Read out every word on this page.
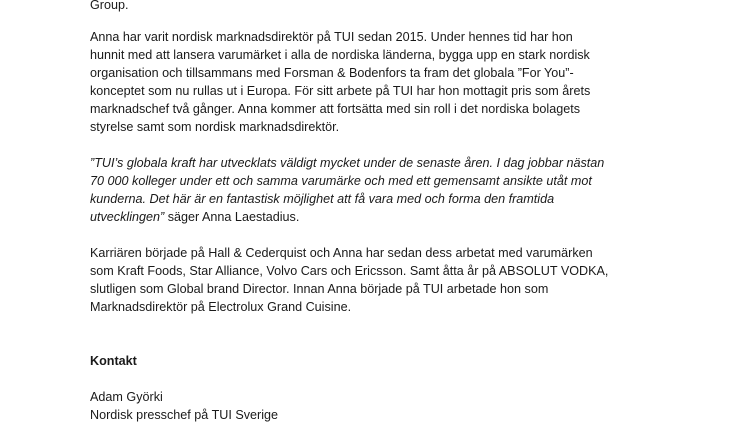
Group.
Anna har varit nordisk marknadsdirektör på TUI sedan 2015. Under hennes tid har hon
hunnit med att lansera varumärket i alla de nordiska länderna, bygga upp en stark nordisk
organisation och tillsammans med Forsman & Bodenfors ta fram det globala ”For You”-
konceptet som nu rullas ut i Europa. För sitt arbete på TUI har hon mottagit pris som årets
marknadschef två gånger. Anna kommer att fortsätta med sin roll i det nordiska bolagets
styrelse samt som nordisk marknadsdirektör.
”TUI’s globala kraft har utvecklats väldigt mycket under de senaste åren. I dag jobbar nästan
70 000 kolleger under ett och samma varumärke och med ett gemensamt ansikte utåt mot
kunderna. Det här är en fantastisk möjlighet att få vara med och forma den framtida
utvecklingen” säger Anna Laestadius.
Karriären började på Hall & Cederquist och Anna har sedan dess arbetat med varumärken
som Kraft Foods, Star Alliance, Volvo Cars och Ericsson. Samt åtta år på ABSOLUT VODKA,
slutligen som Global brand Director. Innan Anna började på TUI arbetade hon som
Marknadsdirektör på Electrolux Grand Cuisine.
Kontakt
Adam Györki
Nordisk presschef på TUI Sverige
